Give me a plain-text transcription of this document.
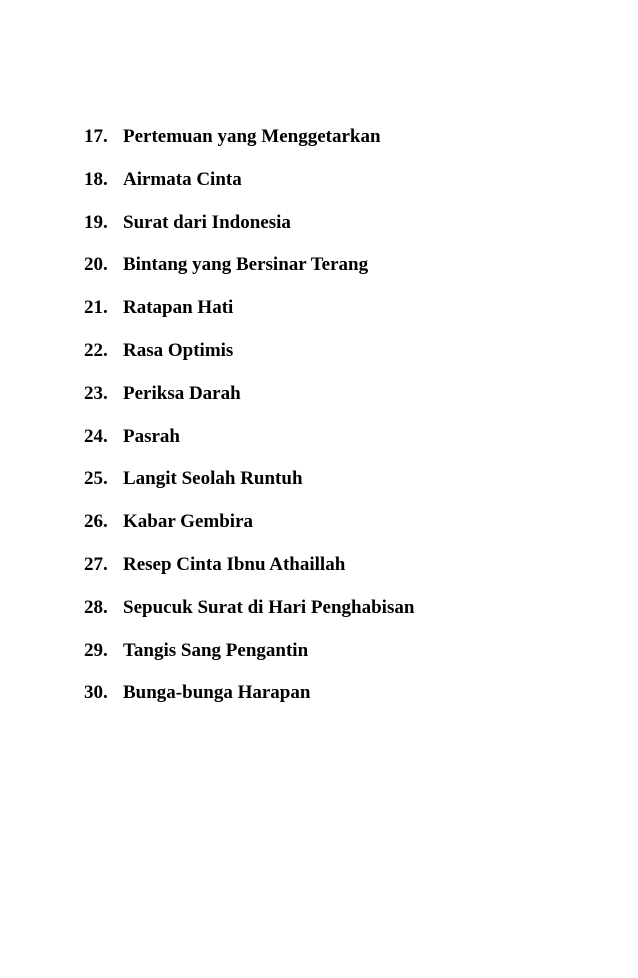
17. Pertemuan yang Menggetarkan
18. Airmata Cinta
19. Surat dari Indonesia
20. Bintang yang Bersinar Terang
21. Ratapan Hati
22. Rasa Optimis
23. Periksa Darah
24. Pasrah
25. Langit Seolah Runtuh
26. Kabar Gembira
27. Resep Cinta Ibnu Athaillah
28. Sepucuk Surat di Hari Penghabisan
29. Tangis Sang Pengantin
30. Bunga-bunga Harapan
